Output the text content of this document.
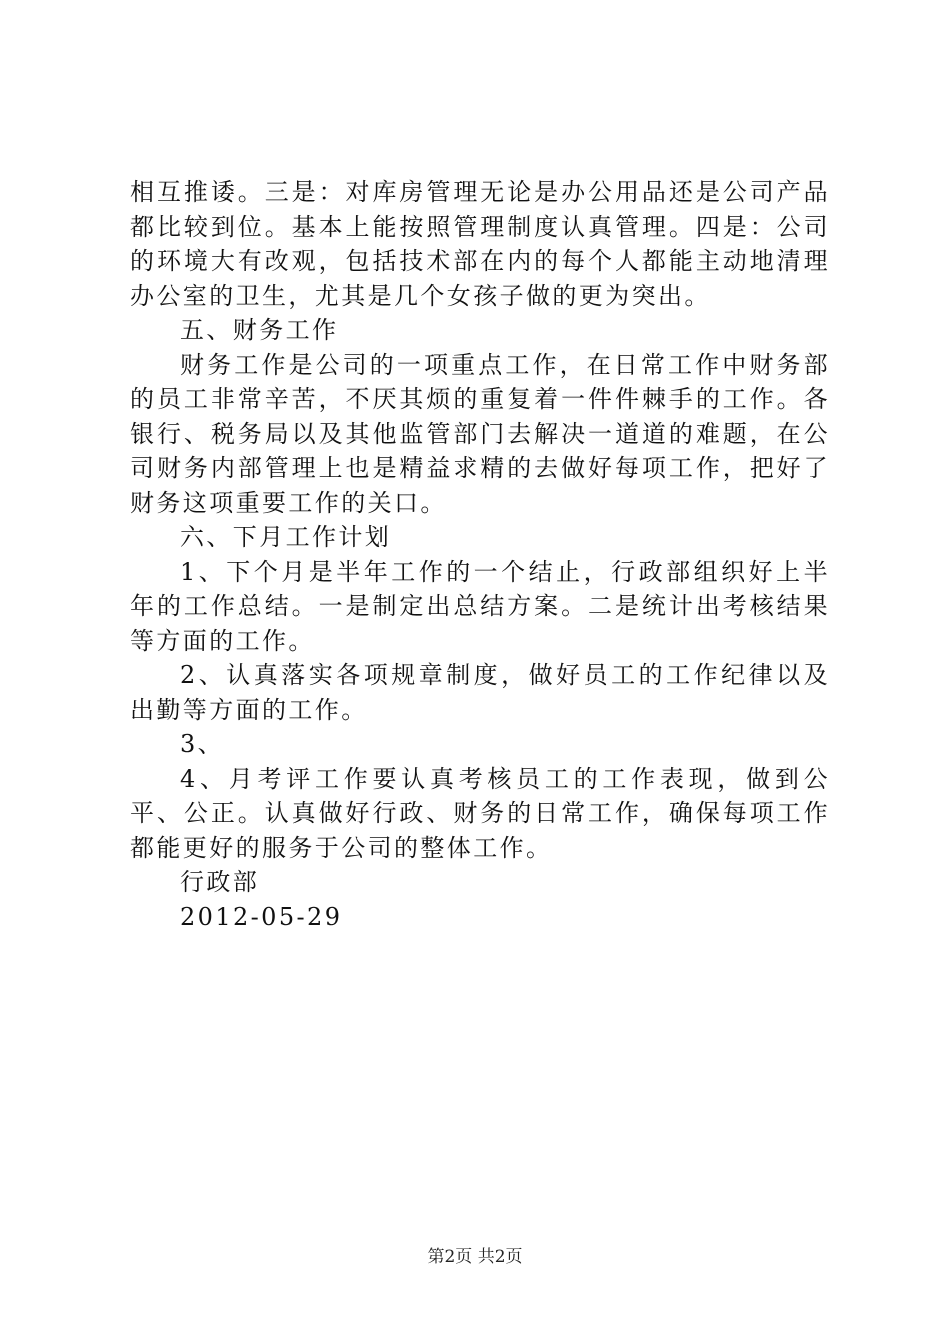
相互推诿。三是：对库房管理无论是办公用品还是公司产品都比较到位。基本上能按照管理制度认真管理。四是：公司的环境大有改观，包括技术部在内的每个人都能主动地清理办公室的卫生，尤其是几个女孩子做的更为突出。

五、财务工作

财务工作是公司的一项重点工作，在日常工作中财务部的员工非常辛苦，不厌其烦的重复着一件件棘手的工作。各银行、税务局以及其他监管部门去解决一道道的难题，在公司财务内部管理上也是精益求精的去做好每项工作，把好了财务这项重要工作的关口。

六、下月工作计划

1、下个月是半年工作的一个结止，行政部组织好上半年的工作总结。一是制定出总结方案。二是统计出考核结果等方面的工作。

2、认真落实各项规章制度，做好员工的工作纪律以及出勤等方面的工作。

3、

4、月考评工作要认真考核员工的工作表现，做到公平、公正。认真做好行政、财务的日常工作，确保每项工作都能更好的服务于公司的整体工作。

行政部

2012-05-29

第2页 共2页
